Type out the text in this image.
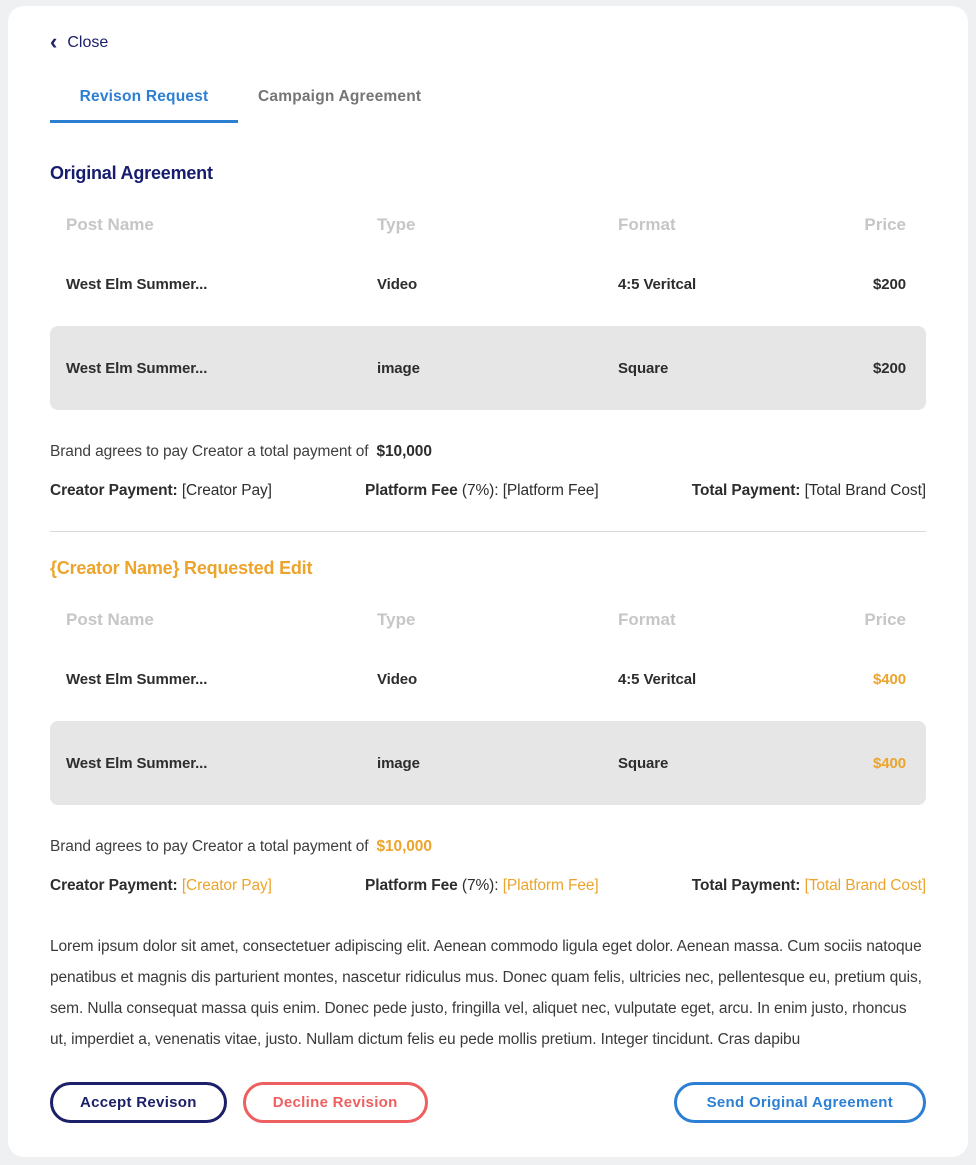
‹ Close
Revison Request	Campaign Agreement
Original Agreement
Post Name	Type	Format	Price
West Elm Summer...	Video	4:5 Veritcal	$200
West Elm Summer...	image	Square	$200
Brand agrees to pay Creator a total payment of $10,000
Creator Payment: [Creator Pay]	Platform Fee (7%): [Platform Fee]	Total Payment: [Total Brand Cost]
{Creator Name} Requested Edit
Post Name	Type	Format	Price
West Elm Summer...	Video	4:5 Veritcal	$400
West Elm Summer...	image	Square	$400
Brand agrees to pay Creator a total payment of $10,000
Creator Payment: [Creator Pay]	Platform Fee (7%): [Platform Fee]	Total Payment: [Total Brand Cost]

Lorem ipsum dolor sit amet, consectetuer adipiscing elit. Aenean commodo ligula eget dolor. Aenean massa. Cum sociis natoque penatibus et magnis dis parturient montes, nascetur ridiculus mus. Donec quam felis, ultricies nec, pellentesque eu, pretium quis, sem. Nulla consequat massa quis enim. Donec pede justo, fringilla vel, aliquet nec, vulputate eget, arcu. In enim justo, rhoncus ut, imperdiet a, venenatis vitae, justo. Nullam dictum felis eu pede mollis pretium. Integer tincidunt. Cras dapibu

Accept Revison	Decline Revision	Send Original Agreement
